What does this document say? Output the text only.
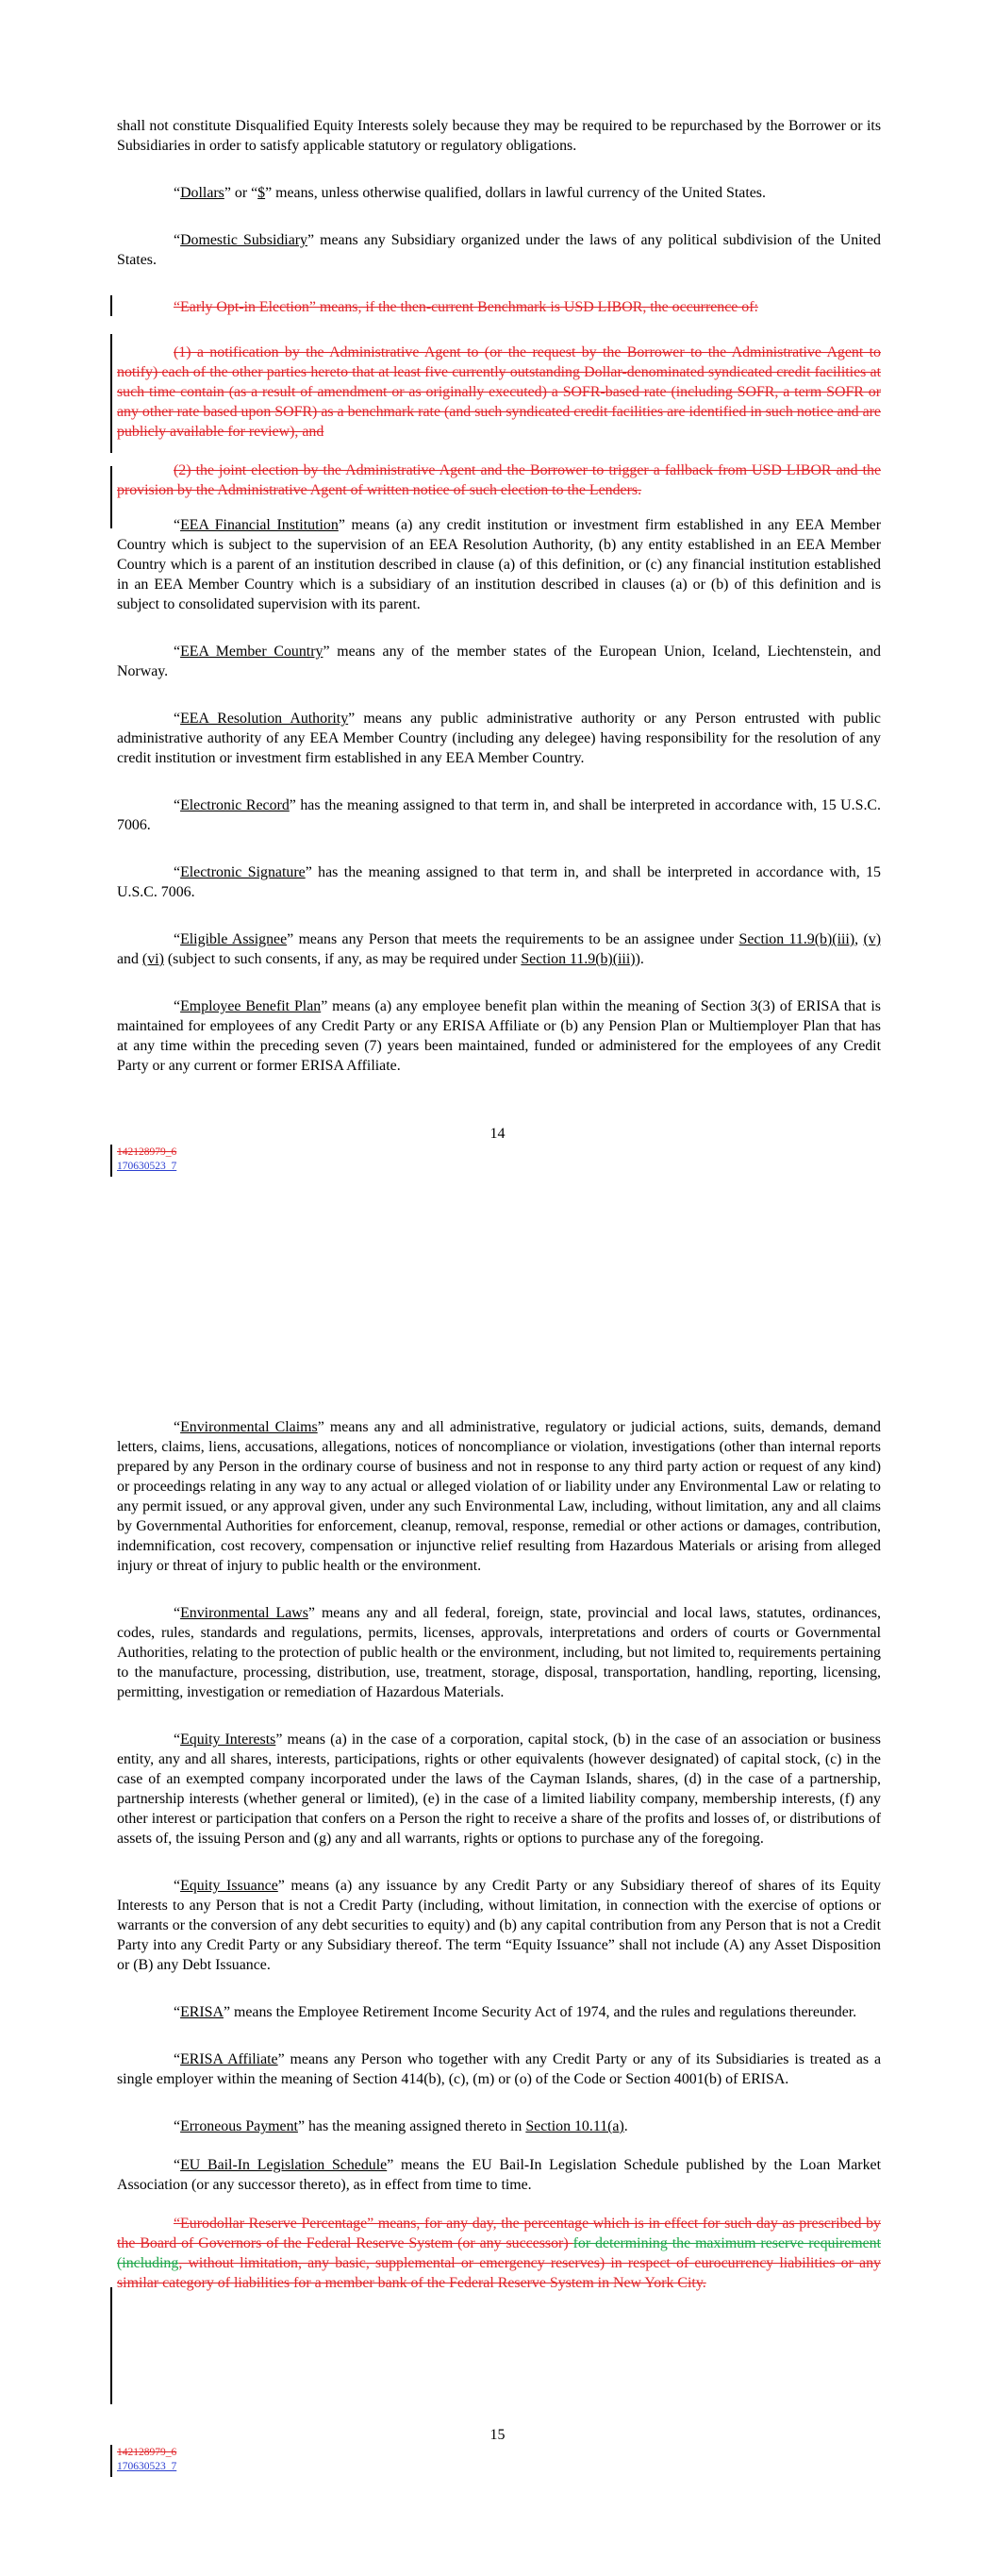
shall not constitute Disqualified Equity Interests solely because they may be required to be repurchased by the Borrower or its Subsidiaries in order to satisfy applicable statutory or regulatory obligations.

“Dollars” or “$” means, unless otherwise qualified, dollars in lawful currency of the United States.

“Domestic Subsidiary” means any Subsidiary organized under the laws of any political subdivision of the United States.

“Early Opt-in Election” means, if the then-current Benchmark is USD LIBOR, the occurrence of:

(1) a notification by the Administrative Agent to (or the request by the Borrower to the Administrative Agent to notify) each of the other parties hereto that at least five currently outstanding Dollar-denominated syndicated credit facilities at such time contain (as a result of amendment or as originally executed) a SOFR-based rate (including SOFR, a term SOFR or any other rate based upon SOFR) as a benchmark rate (and such syndicated credit facilities are identified in such notice and are publicly available for review), and

(2) the joint election by the Administrative Agent and the Borrower to trigger a fallback from USD LIBOR and the provision by the Administrative Agent of written notice of such election to the Lenders.

“EEA Financial Institution” means (a) any credit institution or investment firm established in any EEA Member Country which is subject to the supervision of an EEA Resolution Authority, (b) any entity established in an EEA Member Country which is a parent of an institution described in clause (a) of this definition, or (c) any financial institution established in an EEA Member Country which is a subsidiary of an institution described in clauses (a) or (b) of this definition and is subject to consolidated supervision with its parent.

“EEA Member Country” means any of the member states of the European Union, Iceland, Liechtenstein, and Norway.

“EEA Resolution Authority” means any public administrative authority or any Person entrusted with public administrative authority of any EEA Member Country (including any delegee) having responsibility for the resolution of any credit institution or investment firm established in any EEA Member Country.

“Electronic Record” has the meaning assigned to that term in, and shall be interpreted in accordance with, 15 U.S.C. 7006.

“Electronic Signature” has the meaning assigned to that term in, and shall be interpreted in accordance with, 15 U.S.C. 7006.

“Eligible Assignee” means any Person that meets the requirements to be an assignee under Section 11.9(b)(iii), (v) and (vi) (subject to such consents, if any, as may be required under Section 11.9(b)(iii)).

“Employee Benefit Plan” means (a) any employee benefit plan within the meaning of Section 3(3) of ERISA that is maintained for employees of any Credit Party or any ERISA Affiliate or (b) any Pension Plan or Multiemployer Plan that has at any time within the preceding seven (7) years been maintained, funded or administered for the employees of any Credit Party or any current or former ERISA Affiliate.

14
142128979_6
170630523_7

“Environmental Claims” means any and all administrative, regulatory or judicial actions, suits, demands, demand letters, claims, liens, accusations, allegations, notices of noncompliance or violation, investigations (other than internal reports prepared by any Person in the ordinary course of business and not in response to any third party action or request of any kind) or proceedings relating in any way to any actual or alleged violation of or liability under any Environmental Law or relating to any permit issued, or any approval given, under any such Environmental Law, including, without limitation, any and all claims by Governmental Authorities for enforcement, cleanup, removal, response, remedial or other actions or damages, contribution, indemnification, cost recovery, compensation or injunctive relief resulting from Hazardous Materials or arising from alleged injury or threat of injury to public health or the environment.

“Environmental Laws” means any and all federal, foreign, state, provincial and local laws, statutes, ordinances, codes, rules, standards and regulations, permits, licenses, approvals, interpretations and orders of courts or Governmental Authorities, relating to the protection of public health or the environment, including, but not limited to, requirements pertaining to the manufacture, processing, distribution, use, treatment, storage, disposal, transportation, handling, reporting, licensing, permitting, investigation or remediation of Hazardous Materials.

“Equity Interests” means (a) in the case of a corporation, capital stock, (b) in the case of an association or business entity, any and all shares, interests, participations, rights or other equivalents (however designated) of capital stock, (c) in the case of an exempted company incorporated under the laws of the Cayman Islands, shares, (d) in the case of a partnership, partnership interests (whether general or limited), (e) in the case of a limited liability company, membership interests, (f) any other interest or participation that confers on a Person the right to receive a share of the profits and losses of, or distributions of assets of, the issuing Person and (g) any and all warrants, rights or options to purchase any of the foregoing.

“Equity Issuance” means (a) any issuance by any Credit Party or any Subsidiary thereof of shares of its Equity Interests to any Person that is not a Credit Party (including, without limitation, in connection with the exercise of options or warrants or the conversion of any debt securities to equity) and (b) any capital contribution from any Person that is not a Credit Party into any Credit Party or any Subsidiary thereof. The term “Equity Issuance” shall not include (A) any Asset Disposition or (B) any Debt Issuance.

“ERISA” means the Employee Retirement Income Security Act of 1974, and the rules and regulations thereunder.

“ERISA Affiliate” means any Person who together with any Credit Party or any of its Subsidiaries is treated as a single employer within the meaning of Section 414(b), (c), (m) or (o) of the Code or Section 4001(b) of ERISA.

“Erroneous Payment” has the meaning assigned thereto in Section 10.11(a).

“EU Bail-In Legislation Schedule” means the EU Bail-In Legislation Schedule published by the Loan Market Association (or any successor thereto), as in effect from time to time.

“Eurodollar Reserve Percentage” means, for any day, the percentage which is in effect for such day as prescribed by the Board of Governors of the Federal Reserve System (or any successor) for determining the maximum reserve requirement (including, without limitation, any basic, supplemental or emergency reserves) in respect of eurocurrency liabilities or any similar category of liabilities for a member bank of the Federal Reserve System in New York City.

15
142128979_6
170630523_7
